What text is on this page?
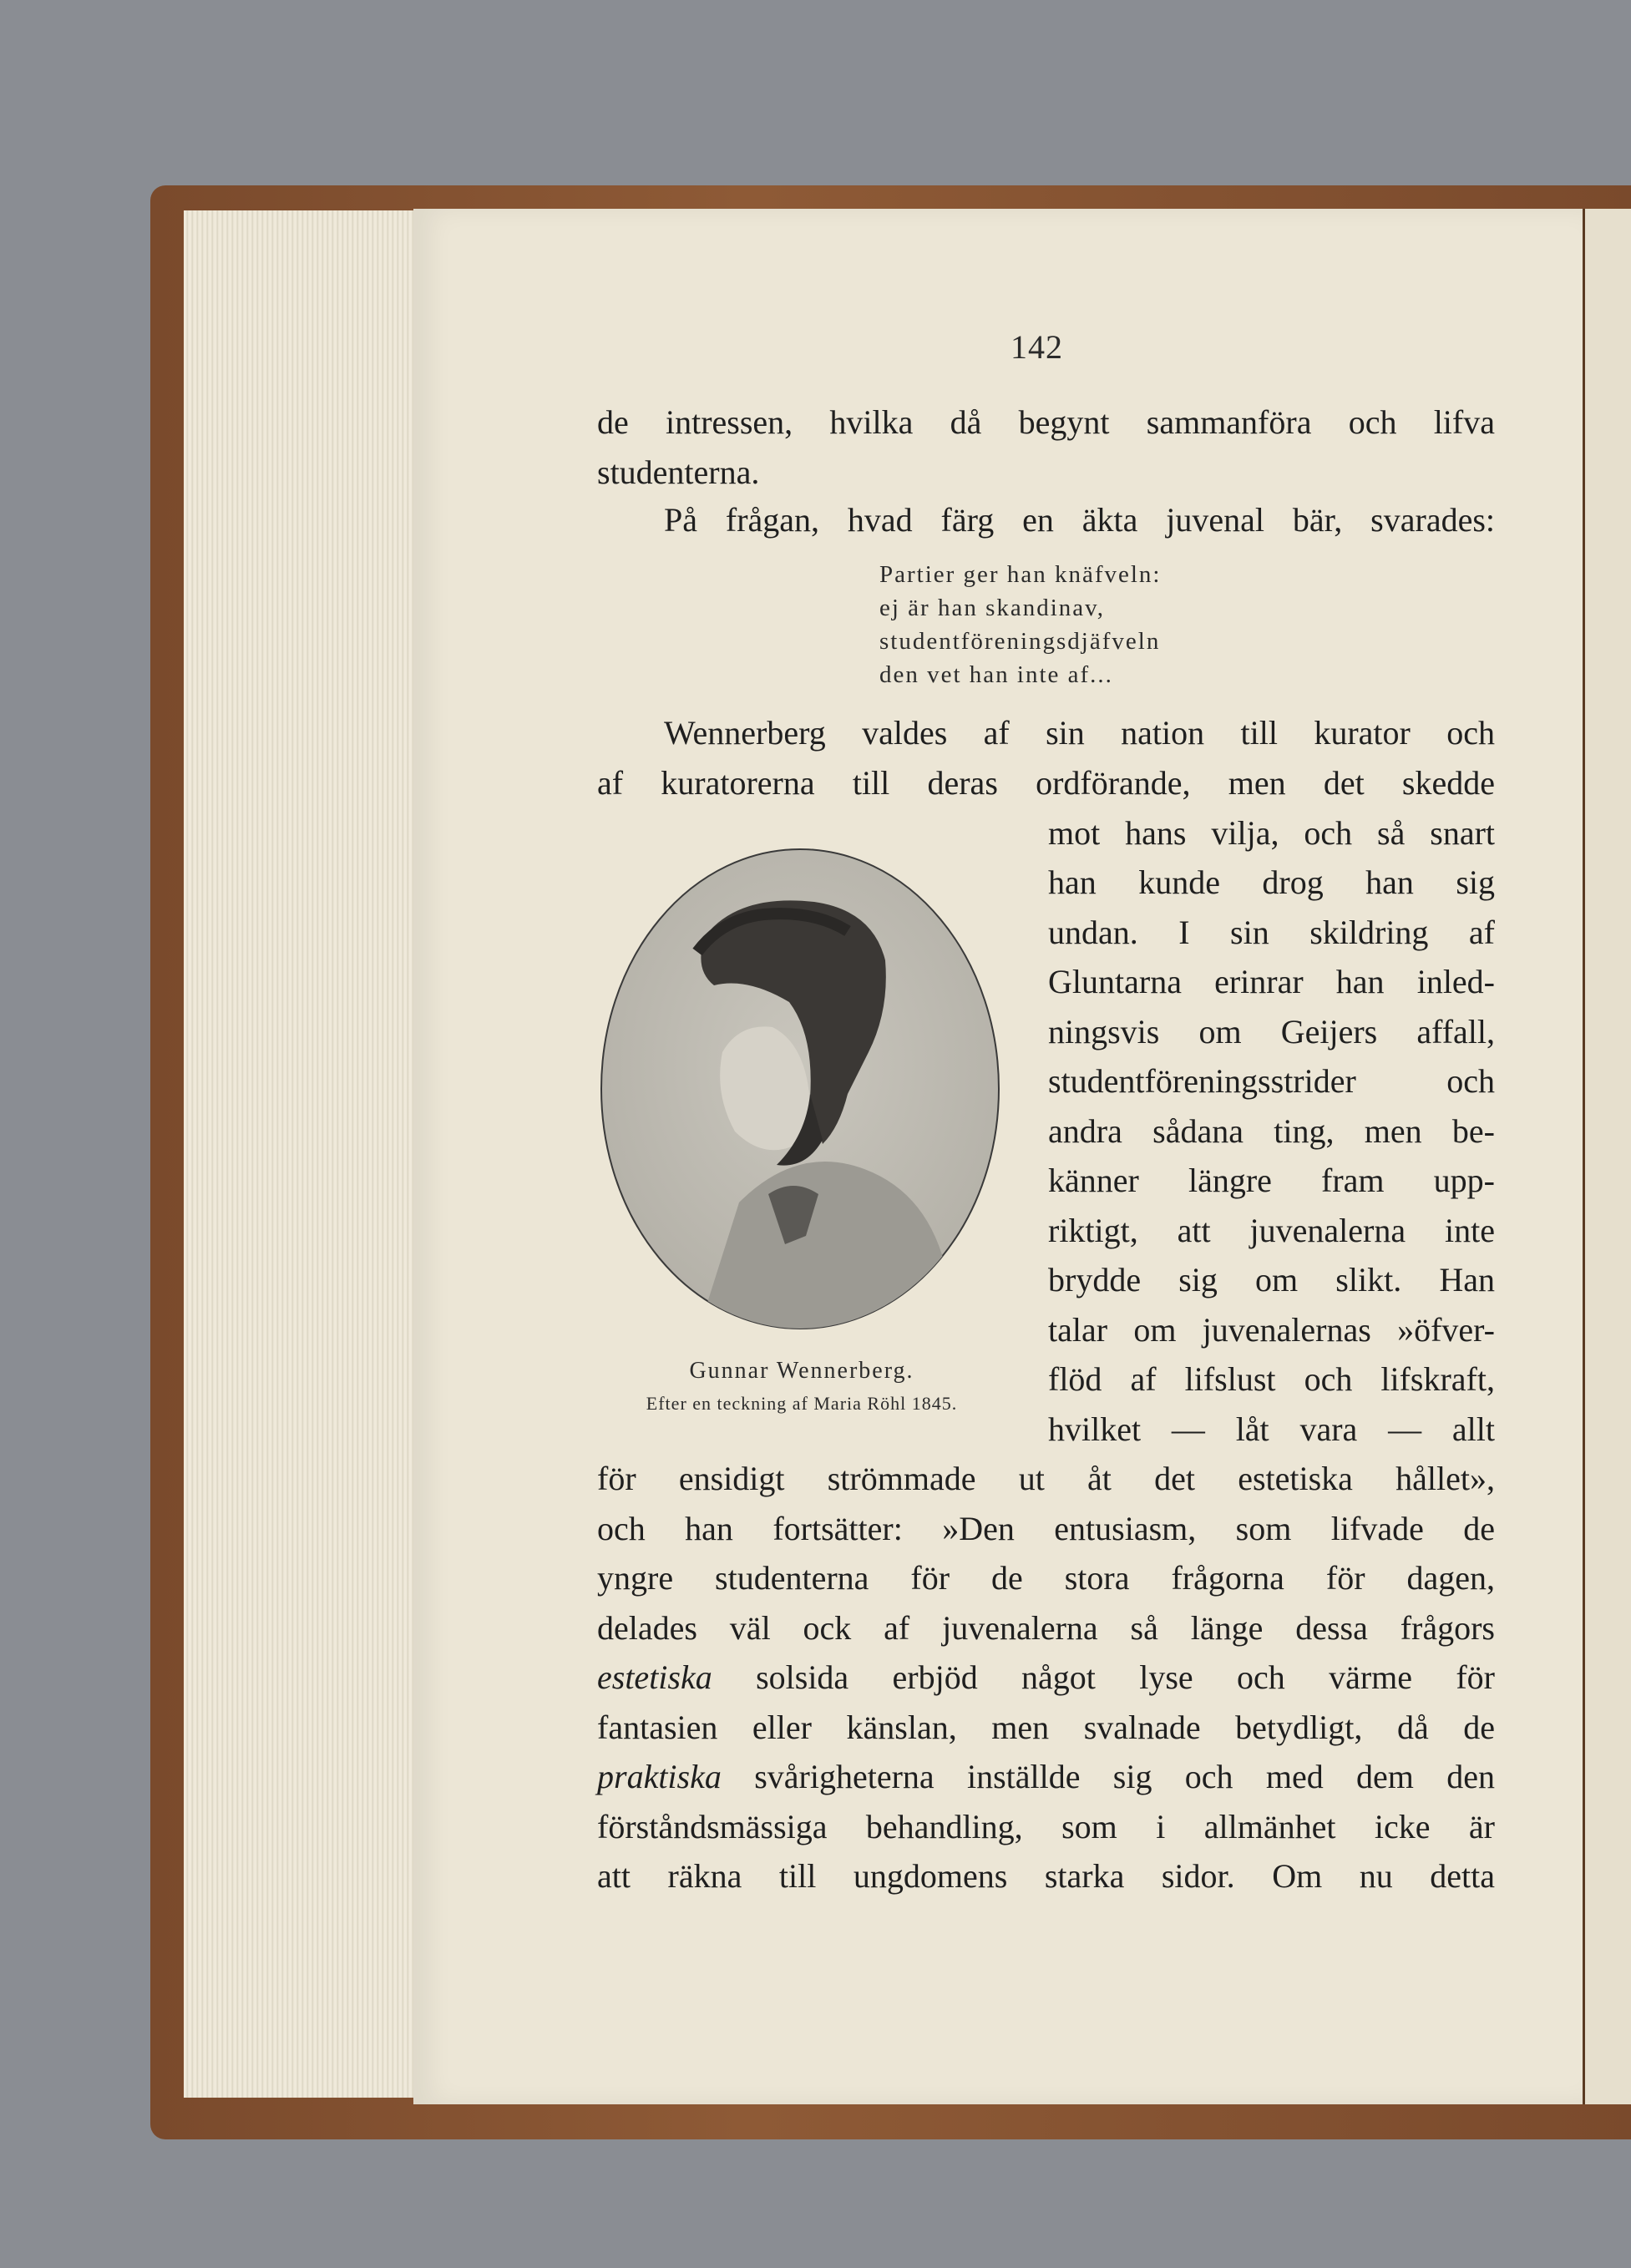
142
de intressen, hvilka då begynt sammanföra och lifva
studenterna.
På frågan, hvad färg en äkta juvenal bär, svarades:
Partier ger han knäfveln:
ej är han skandinav,
studentföreningsdjäfveln
den vet han inte af...
Wennerberg valdes af sin nation till kurator och
af kuratorerna till deras ordförande, men det skedde
mot hans vilja, och så snart
han kunde drog han sig
undan. I sin skildring af
Gluntarna erinrar han inled-
ningsvis om Geijers affall,
studentföreningsstrider och
andra sådana ting, men be-
känner längre fram upp-
riktigt, att juvenalerna inte
brydde sig om slikt. Han
talar om juvenalernas »öfver-
flöd af lifslust och lifskraft,
hvilket — låt vara — allt
Gunnar Wennerberg.
Efter en teckning af Maria Röhl 1845.
för ensidigt strömmade ut åt det estetiska hållet»,
och han fortsätter: »Den entusiasm, som lifvade de
yngre studenterna för de stora frågorna för dagen,
delades väl ock af juvenalerna så länge dessa frågors
estetiska solsida erbjöd något lyse och värme för
fantasien eller känslan, men svalnade betydligt, då de
praktiska svårigheterna inställde sig och med dem den
förståndsmässiga behandling, som i allmänhet icke är
att räkna till ungdomens starka sidor. Om nu detta
